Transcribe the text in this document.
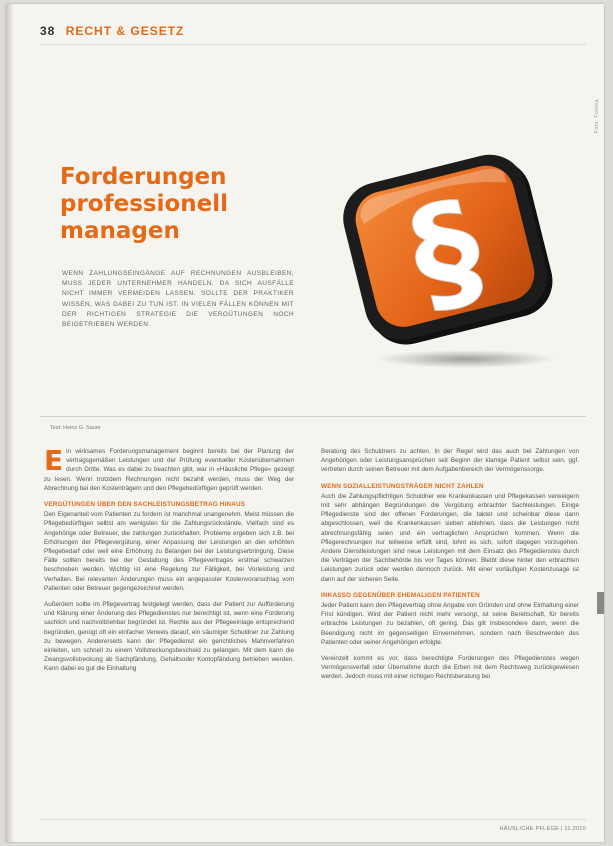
38 RECHT & GESETZ
Foto: Fotolia
Forderungen professionell managen
WENN ZAHLUNGSEINGÄNGE AUF RECHNUNGEN AUSBLEIBEN, MUSS JEDER UNTERNEHMER HANDELN, DA SICH AUSFÄLLE NICHT IMMER VERMEIDEN LASSEN. SOLLTE DER PRAKTIKER WISSEN, WAS DABEI ZU TUN IST. IN VIELEN FÄLLEN KÖNNEN MIT DER RICHTIGEN STRATEGIE DIE VERGÜTUNGEN NOCH BEIGETRIEBEN WERDEN.	§
Text: Heinz G. Sauer

E in wirksames Forderungsmanagement beginnt bereits bei der Planung der vertragsgemäßen Leistungen und der Prüfung eventueller Kostenübernahmen durch Dritte. Was es dabei zu beachten gibt, war in »Häusliche Pflege« gezeigt zu lesen. Wenn trotzdem Rechnungen nicht bezahlt werden, muss der Weg der Abrechnung bei den Kostenträgern und den Pflegebedürftigen geprüft werden.

VERGÜTUNGEN ÜBER DEN SACHLEISTUNGSBETRAG HINAUS

Den Eigenanteil vom Patienten zu fordern ist manchmal unangenehm. Meist müssen die Pflegebedürftigen selbst am wenigsten für die Zahlungsrückstände. Vielfach sind es Angehörige oder Betreuer, die zahlungen zurückhalten. Probleme ergeben sich z.B. bei Erhöhungen der Pflegevergütung, einer Anpassung der Leistungen an den erhöhten Pflegebedarf oder weil eine Erhöhung zu Belangen bei der Leistungserbringung. Diese Fälle sollten bereits bei der Gestaltung des Pflegevertrages erstmal schwarzen beschrieben werden. Wichtig ist eine Regelung zur Fälligkeit, bei Vorleistung und Verhalten. Bei relevanten Änderungen muss ein angepasster Kostenvoranschlag vom Patienten oder Betreuer gegengezeichnet werden.

Außerdem sollte im Pflegevertrag festgelegt werden, dass der Patient zur Aufforderung und Klärung einer Änderung des Pflegedienstes nur berechtigt ist, wenn eine Forderung sachlich und nachvollziehbar begründet ist. Rechte aus der Pflegeeinlage entsprechend begründen, genügt oft ein einfacher Verweis darauf, ein säumiger Schuldner zur Zahlung zu bewegen. Andererseits kann der Pflegedienst ein gerichtliches Mahnverfahren einleiten, um schnell zu einem Vollstreckungsbescheid zu gelangen. Mit dem kann die Zwangsvollstreckung ab Sachpfändung, Gehaltsoder Kontopfändung betrieben werden. Kann dabei es gut die Einhaltung

Beratung des Schuldners zu achten. In der Regel wird das auch bei Zahlungen von Angehörigen oder Leistungsansprüchen seit Beginn der klamige Patient selbst sein, ggf. vertreten durch seinen Betreuer mit dem Aufgabenbereich der Vermögenssorge.

WENN SOZIALLEISTUNGSTRÄGER NICHT ZAHLEN

Auch die Zahlungspflichtigen Schuldner wie Krankenkassen und Pflegekassen verweigern mit sehr abhängen Begründungen die Vergütung erbrachter Sachleistungen. Einige Pflegedienste sind der offenen Forderungen, die taktet und scheinbar diese dann abgeschlossen, weil die Krankenkassen sieben ablehnen, dass die Leistungen nicht abrechnungsfähig seien und ein vertraglichen Ansprüchen kommen. Wenn die Pflegerechnungen nur teilweise erfüllt sind, lohnt es sich, sofort dagegen vorzugehen. Andere Dienstleistungen sind neue Leistungen mit dem Einsatz des Pflegedienstes durch die Verträgen der Sachbehörde bis vor Tages können. Bleibt diese hinter den erbrachten Leistungen zurück oder werden dennoch zurück. Mit einer vorläufigen Kostenzusage ist dann auf der sicheren Seite.

INKASSO GEGENÜBER EHEMALIGEN PATIENTEN

Jeder Patient kann den Pflegevertrag ohne Angabe von Gründen und ohne Einhaltung einer Frist kündigen. Wird der Patient nicht mehr versorgt, ist seine Bereitschaft, für bereits erbrachte Leistungen zu bezahlen, oft gering. Das gilt insbesondere dann, wenn die Beendigung nicht im gegenseitigen Einvernehmen, sondern nach Beschwerden des Patienten oder seiner Angehörigen erfolgte.

Vereinzelt kommt es vor, dass berechtigte Forderungen des Pflegedienstes wegen Vermögensverfall oder Übernahme durch die Erben mit dem Rechtsweg zurückgewiesen werden. Jedoch muss mit einer richtigen Rechtsberatung bei

HÄUSLICHE PFLEGE | 11.2010
